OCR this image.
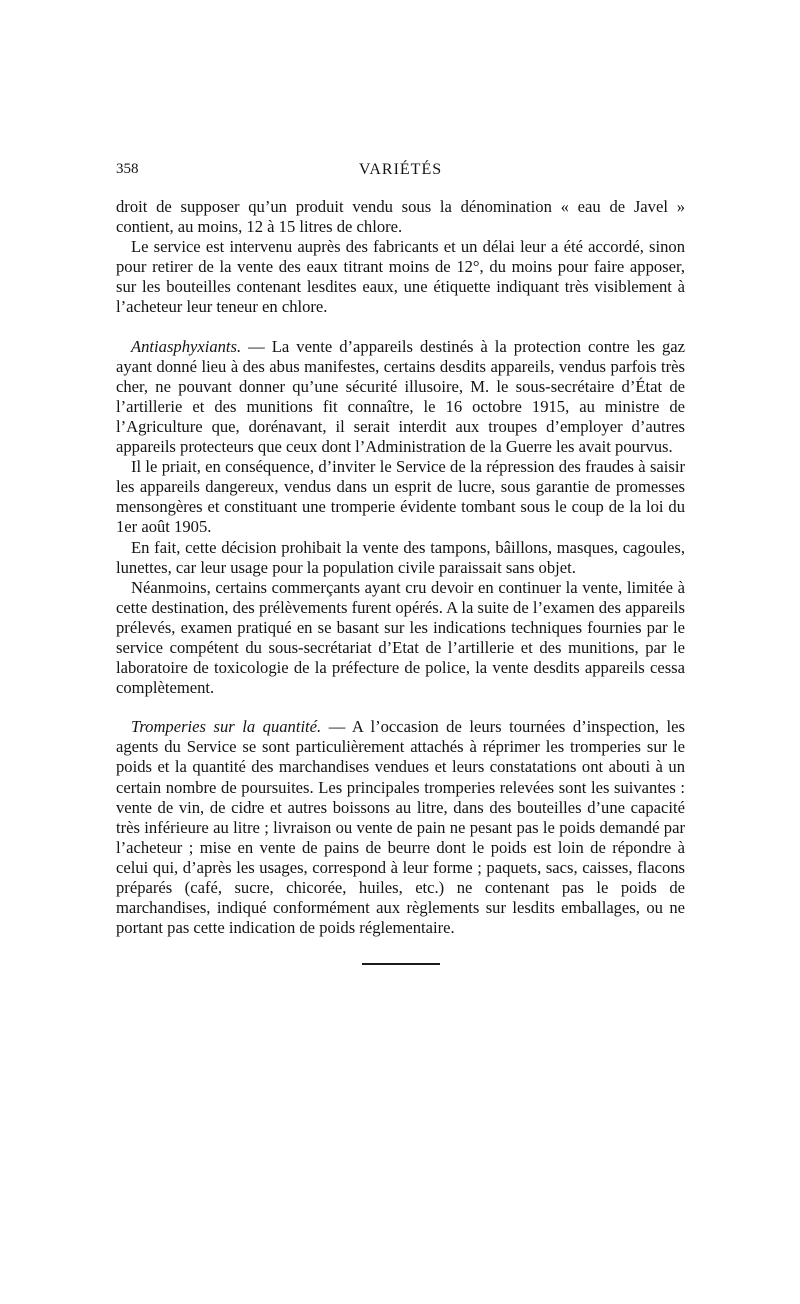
358	VARIÉTÉS

droit de supposer qu’un produit vendu sous la dénomination « eau de Javel » contient, au moins, 12 à 15 litres de chlore.

Le service est intervenu auprès des fabricants et un délai leur a été accordé, sinon pour retirer de la vente des eaux titrant moins de 12°, du moins pour faire apposer, sur les bouteilles contenant lesdites eaux, une étiquette indiquant très visiblement à l’acheteur leur teneur en chlore.

Antiasphyxiants. — La vente d’appareils destinés à la protection contre les gaz ayant donné lieu à des abus manifestes, certains desdits appareils, vendus parfois très cher, ne pouvant donner qu’une sécurité illusoire, M. le sous-secrétaire d’État de l’artillerie et des munitions fit connaître, le 16 octobre 1915, au ministre de l’Agriculture que, dorénavant, il serait interdit aux troupes d’employer d’autres appareils protecteurs que ceux dont l’Administration de la Guerre les avait pourvus.

Il le priait, en conséquence, d’inviter le Service de la répression des fraudes à saisir les appareils dangereux, vendus dans un esprit de lucre, sous garantie de promesses mensongères et constituant une tromperie évidente tombant sous le coup de la loi du 1er août 1905.

En fait, cette décision prohibait la vente des tampons, bâillons, masques, cagoules, lunettes, car leur usage pour la population civile paraissait sans objet.

Néanmoins, certains commerçants ayant cru devoir en continuer la vente, limitée à cette destination, des prélèvements furent opérés. A la suite de l’examen des appareils prélevés, examen pratiqué en se basant sur les indications techniques fournies par le service compétent du sous-secrétariat d’Etat de l’artillerie et des munitions, par le laboratoire de toxicologie de la préfecture de police, la vente desdits appareils cessa complètement.

Tromperies sur la quantité. — A l’occasion de leurs tournées d’inspection, les agents du Service se sont particulièrement attachés à réprimer les tromperies sur le poids et la quantité des marchandises vendues et leurs constatations ont abouti à un certain nombre de poursuites. Les principales tromperies relevées sont les suivantes : vente de vin, de cidre et autres boissons au litre, dans des bouteilles d’une capacité très inférieure au litre ; livraison ou vente de pain ne pesant pas le poids demandé par l’acheteur ; mise en vente de pains de beurre dont le poids est loin de répondre à celui qui, d’après les usages, correspond à leur forme ; paquets, sacs, caisses, flacons préparés (café, sucre, chicorée, huiles, etc.) ne contenant pas le poids de marchandises, indiqué conformément aux règlements sur lesdits emballages, ou ne portant pas cette indication de poids réglementaire.
